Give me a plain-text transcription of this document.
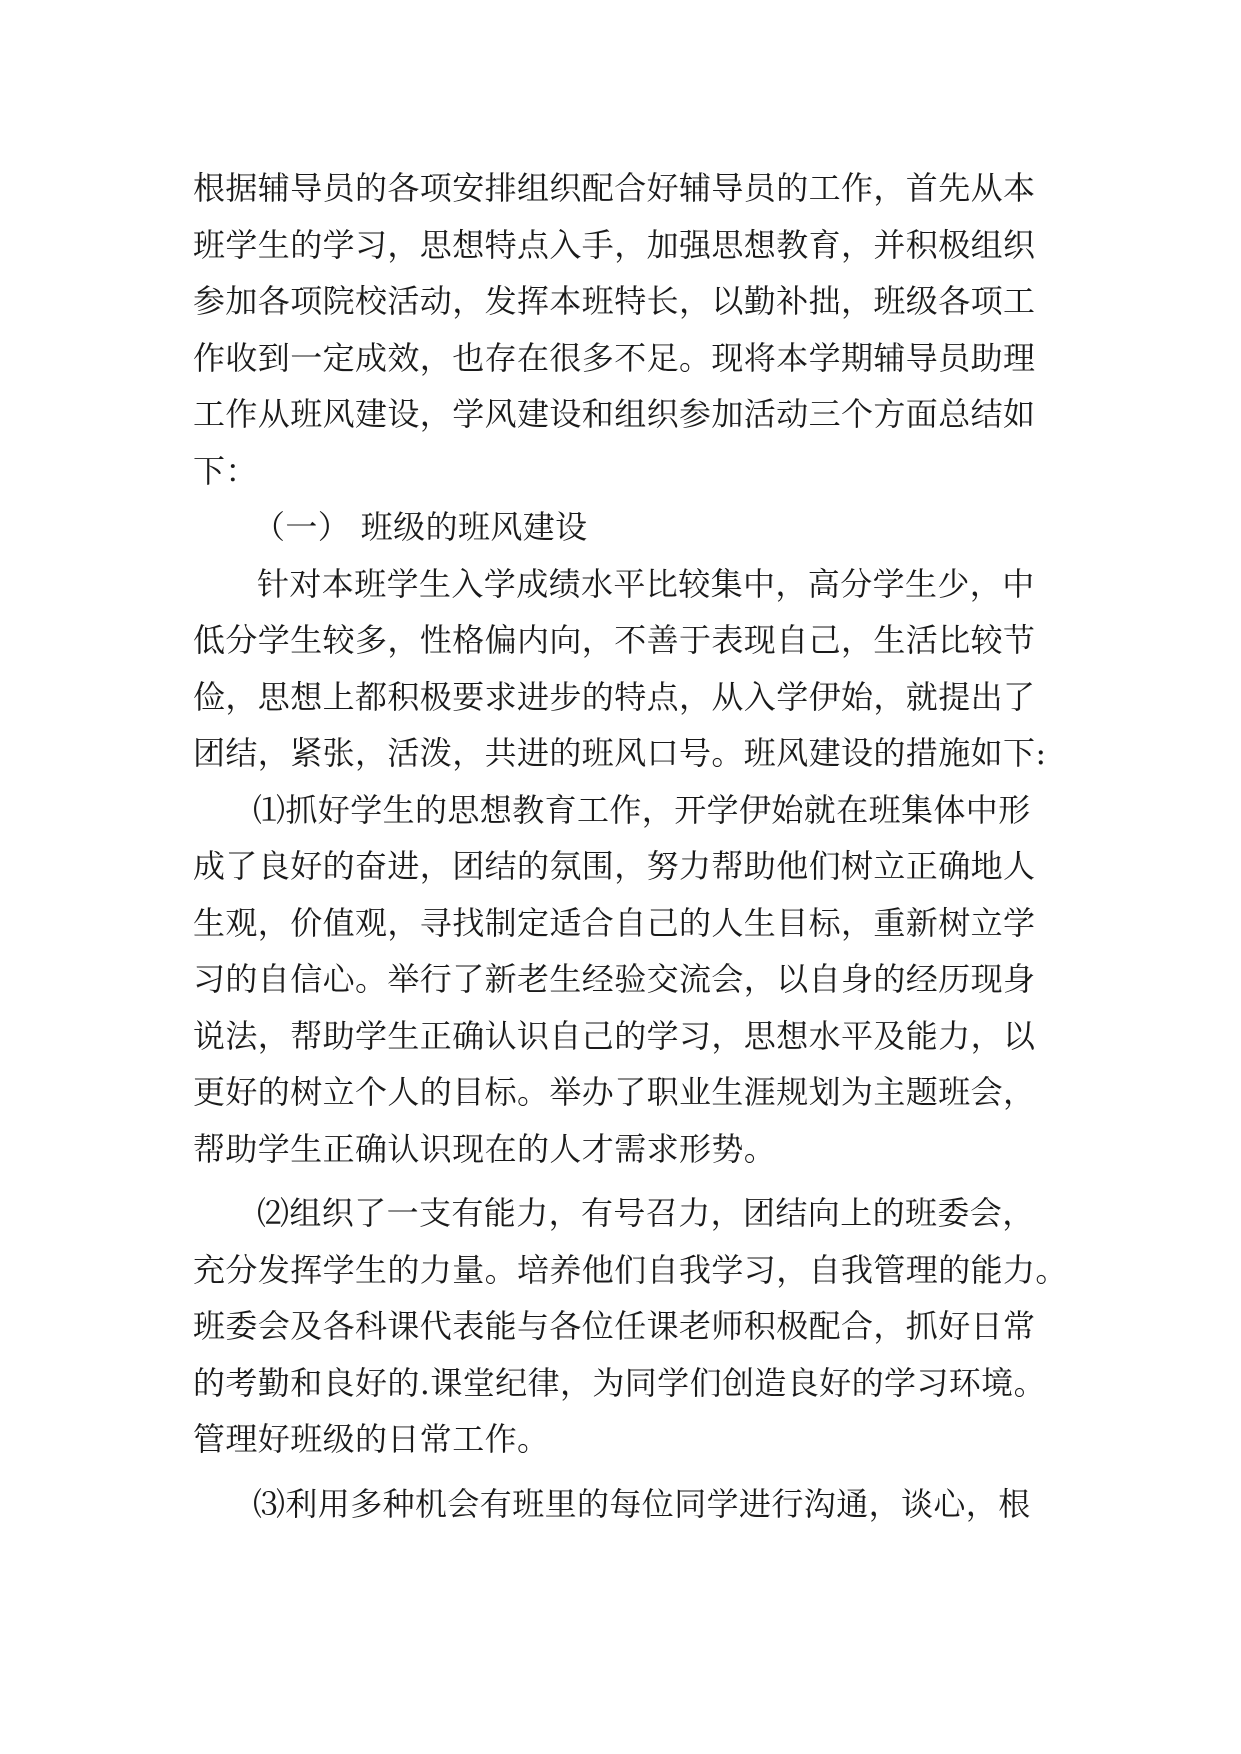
根据辅导员的各项安排组织配合好辅导员的工作，首先从本
班学生的学习，思想特点入手，加强思想教育，并积极组织
参加各项院校活动，发挥本班特长，以勤补拙，班级各项工
作收到一定成效，也存在很多不足。现将本学期辅导员助理
工作从班风建设，学风建设和组织参加活动三个方面总结如
下：
（一） 班级的班风建设
针对本班学生入学成绩水平比较集中，高分学生少，中
低分学生较多，性格偏内向，不善于表现自己，生活比较节
俭，思想上都积极要求进步的特点，从入学伊始，就提出了
团结，紧张，活泼，共进的班风口号。班风建设的措施如下:
⑴抓好学生的思想教育工作，开学伊始就在班集体中形
成了良好的奋进，团结的氛围，努力帮助他们树立正确地人
生观，价值观，寻找制定适合自己的人生目标，重新树立学
习的自信心。举行了新老生经验交流会，以自身的经历现身
说法，帮助学生正确认识自己的学习，思想水平及能力，以
更好的树立个人的目标。举办了职业生涯规划为主题班会，
帮助学生正确认识现在的人才需求形势。
⑵组织了一支有能力，有号召力，团结向上的班委会，
充分发挥学生的力量。培养他们自我学习，自我管理的能力。
班委会及各科课代表能与各位任课老师积极配合，抓好日常
的考勤和良好的.课堂纪律，为同学们创造良好的学习环境。
管理好班级的日常工作。
⑶利用多种机会有班里的每位同学进行沟通，谈心，根
